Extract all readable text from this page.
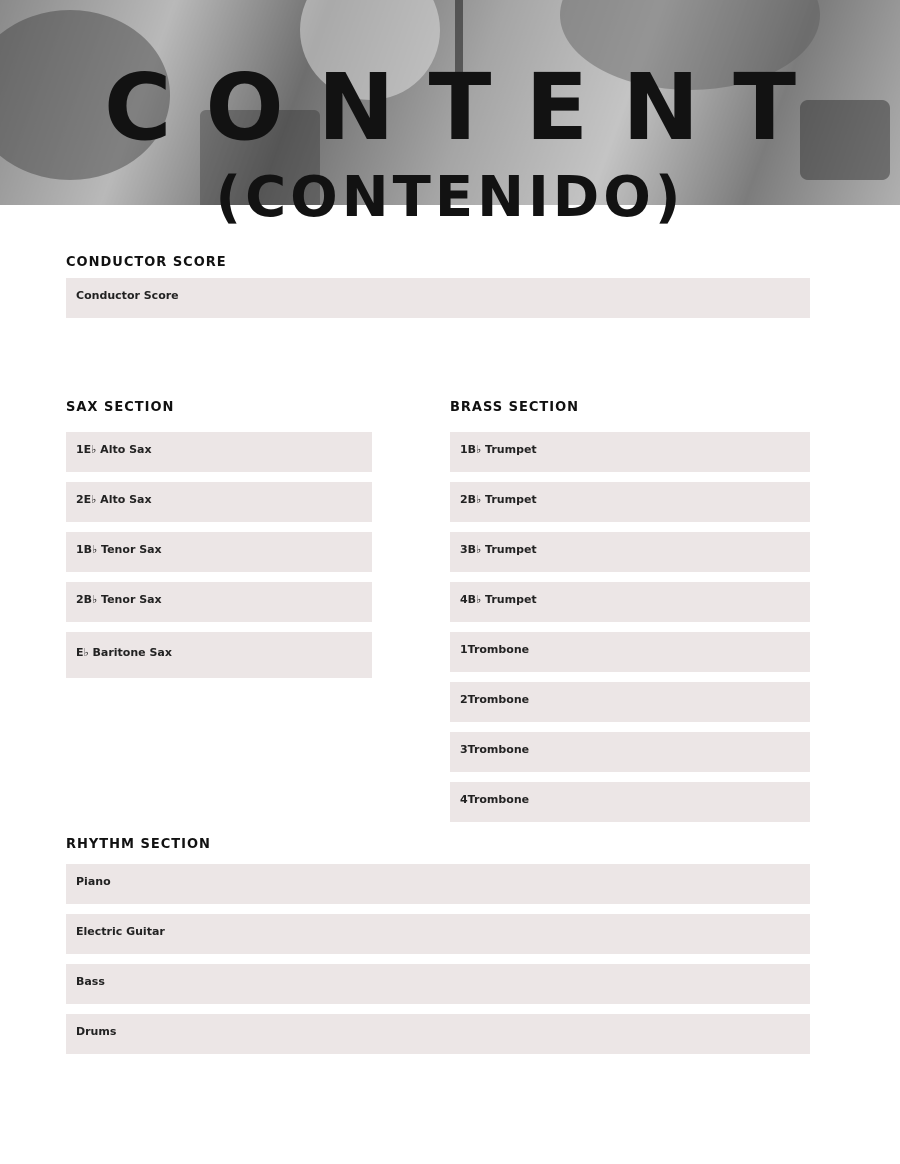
CONTENT
(CONTENIDO)
CONDUCTOR SCORE
Conductor Score
SAX SECTION
1E♭ Alto Sax
2E♭ Alto Sax
1B♭ Tenor Sax
2B♭ Tenor Sax
E♭ Baritone Sax
BRASS SECTION
1B♭ Trumpet
2B♭ Trumpet
3B♭ Trumpet
4B♭ Trumpet
1Trombone
2Trombone
3Trombone
4Trombone
RHYTHM SECTION
Piano
Electric Guitar
Bass
Drums
